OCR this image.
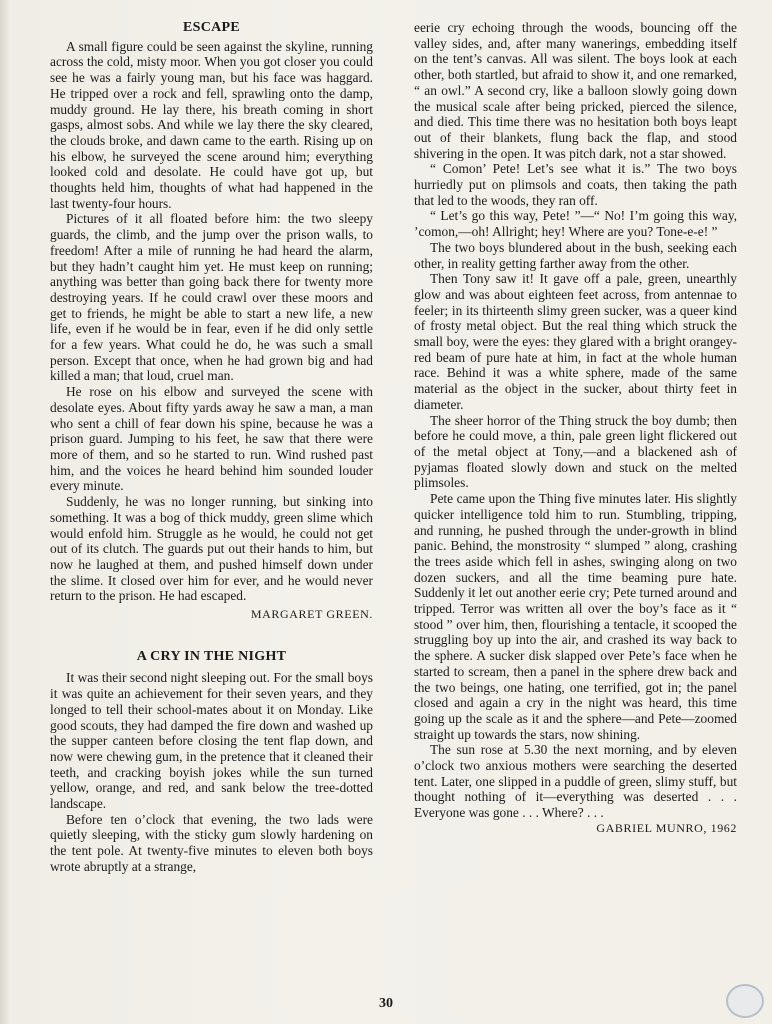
ESCAPE

A small figure could be seen against the skyline, running across the cold, misty moor. When you got closer you could see he was a fairly young man, but his face was haggard. He tripped over a rock and fell, sprawling onto the damp, muddy ground. He lay there, his breath coming in short gasps, almost sobs. And while we lay there the sky cleared, the clouds broke, and dawn came to the earth. Rising up on his elbow, he surveyed the scene around him; everything looked cold and desolate. He could have got up, but thoughts held him, thoughts of what had happened in the last twenty-four hours.

Pictures of it all floated before him: the two sleepy guards, the climb, and the jump over the prison walls, to freedom! After a mile of running he had heard the alarm, but they hadn’t caught him yet. He must keep on running; anything was better than going back there for twenty more destroying years. If he could crawl over these moors and get to friends, he might be able to start a new life, a new life, even if he would be in fear, even if he did only settle for a few years. What could he do, he was such a small person. Except that once, when he had grown big and had killed a man; that loud, cruel man.

He rose on his elbow and surveyed the scene with desolate eyes. About fifty yards away he saw a man, a man who sent a chill of fear down his spine, because he was a prison guard. Jumping to his feet, he saw that there were more of them, and so he started to run. Wind rushed past him, and the voices he heard behind him sounded louder every minute.

Suddenly, he was no longer running, but sinking into something. It was a bog of thick muddy, green slime which would enfold him. Struggle as he would, he could not get out of its clutch. The guards put out their hands to him, but now he laughed at them, and pushed himself down under the slime. It closed over him for ever, and he would never return to the prison. He had escaped.

MARGARET GREEN.
A CRY IN THE NIGHT

It was their second night sleeping out. For the small boys it was quite an achievement for their seven years, and they longed to tell their school-mates about it on Monday. Like good scouts, they had damped the fire down and washed up the supper canteen before closing the tent flap down, and now were chewing gum, in the pretence that it cleaned their teeth, and cracking boyish jokes while the sun turned yellow, orange, and red, and sank below the tree-dotted landscape.

Before ten o’clock that evening, the two lads were quietly sleeping, with the sticky gum slowly hardening on the tent pole. At twenty-five minutes to eleven both boys wrote abruptly at a strange,

eerie cry echoing through the woods, bouncing off the valley sides, and, after many wanerings, embedding itself on the tent’s canvas. All was silent. The boys look at each other, both startled, but afraid to show it, and one remarked, “ an owl.” A second cry, like a balloon slowly going down the musical scale after being pricked, pierced the silence, and died. This time there was no hesitation both boys leapt out of their blankets, flung back the flap, and stood shivering in the open. It was pitch dark, not a star showed.

“ Comon’ Pete! Let’s see what it is.” The two boys hurriedly put on plimsols and coats, then taking the path that led to the woods, they ran off.

“ Let’s go this way, Pete! ”—“ No! I’m going this way, ’comon,—oh! Allright; hey! Where are you? Tone-e-e! ”

The two boys blundered about in the bush, seeking each other, in reality getting farther away from the other.

Then Tony saw it! It gave off a pale, green, unearthly glow and was about eighteen feet across, from antennae to feeler; in its thirteenth slimy green sucker, was a queer kind of frosty metal object. But the real thing which struck the small boy, were the eyes: they glared with a bright orangey-red beam of pure hate at him, in fact at the whole human race. Behind it was a white sphere, made of the same material as the object in the sucker, about thirty feet in diameter.

The sheer horror of the Thing struck the boy dumb; then before he could move, a thin, pale green light flickered out of the metal object at Tony,—and a blackened ash of pyjamas floated slowly down and stuck on the melted plimsoles.

Pete came upon the Thing five minutes later. His slightly quicker intelligence told him to run. Stumbling, tripping, and running, he pushed through the under-growth in blind panic. Behind, the monstrosity “ slumped ” along, crashing the trees aside which fell in ashes, swinging along on two dozen suckers, and all the time beaming pure hate. Suddenly it let out another eerie cry; Pete turned around and tripped. Terror was written all over the boy’s face as it “ stood ” over him, then, flourishing a tentacle, it scooped the struggling boy up into the air, and crashed its way back to the sphere. A sucker disk slapped over Pete’s face when he started to scream, then a panel in the sphere drew back and the two beings, one hating, one terrified, got in; the panel closed and again a cry in the night was heard, this time going up the scale as it and the sphere—and Pete—zoomed straight up towards the stars, now shining.

The sun rose at 5.30 the next morning, and by eleven o’clock two anxious mothers were searching the deserted tent. Later, one slipped in a puddle of green, slimy stuff, but thought nothing of it—everything was deserted . . . Everyone was gone . . . Where? . . .
GABRIEL MUNRO, 1962

30
